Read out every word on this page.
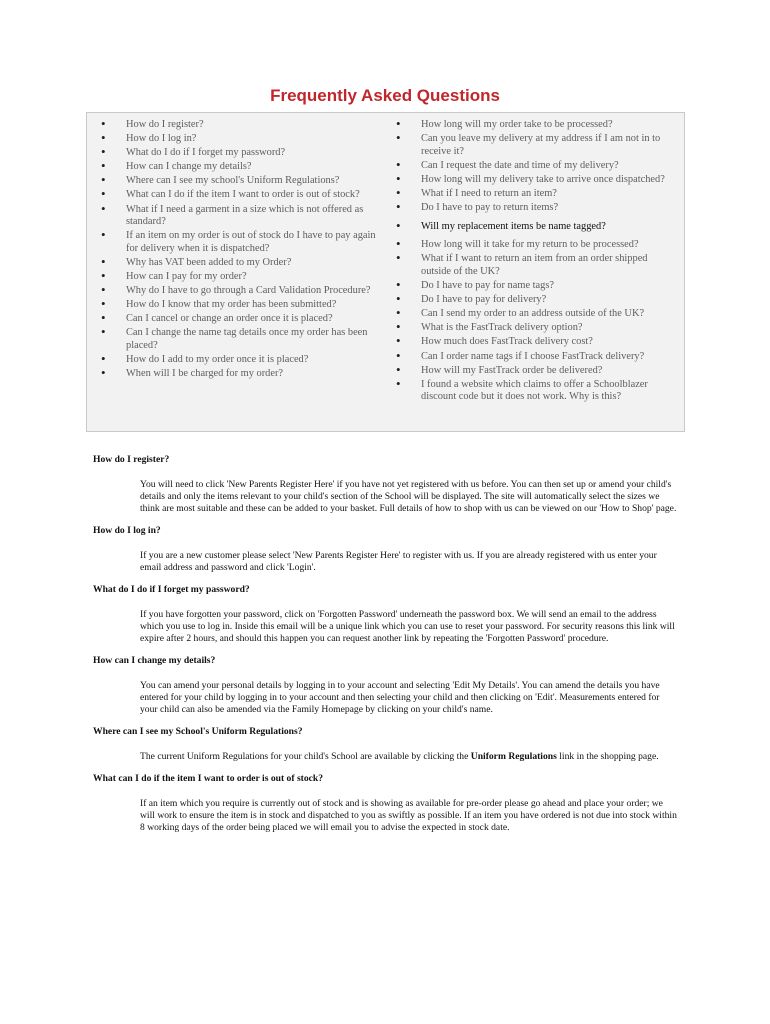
Frequently Asked Questions
• How do I register?
• How do I log in?
• What do I do if I forget my password?
• How can I change my details?
• Where can I see my school's Uniform Regulations?
• What can I do if the item I want to order is out of stock?
• What if I need a garment in a size which is not offered as standard?
• If an item on my order is out of stock do I have to pay again for delivery when it is dispatched?
• Why has VAT been added to my Order?
• How can I pay for my order?
• Why do I have to go through a Card Validation Procedure?
• How do I know that my order has been submitted?
• Can I cancel or change an order once it is placed?
• Can I change the name tag details once my order has been placed?
• How do I add to my order once it is placed?
• When will I be charged for my order?
• How long will my order take to be processed?
• Can you leave my delivery at my address if I am not in to receive it?
• Can I request the date and time of my delivery?
• How long will my delivery take to arrive once dispatched?
• What if I need to return an item?
• Do I have to pay to return items?
• Will my replacement items be name tagged?
• How long will it take for my return to be processed?
• What if I want to return an item from an order shipped outside of the UK?
• Do I have to pay for name tags?
• Do I have to pay for delivery?
• Can I send my order to an address outside of the UK?
• What is the FastTrack delivery option?
• How much does FastTrack delivery cost?
• Can I order name tags if I choose FastTrack delivery?
• How will my FastTrack order be delivered?
• I found a website which claims to offer a Schoolblazer discount code but it does not work. Why is this?

How do I register?

You will need to click 'New Parents Register Here' if you have not yet registered with us before. You can then set up or amend your child's details and only the items relevant to your child's section of the School will be displayed. The site will automatically select the sizes we think are most suitable and these can be added to your basket. Full details of how to shop with us can be viewed on our 'How to Shop' page.

How do I log in?

If you are a new customer please select 'New Parents Register Here' to register with us. If you are already registered with us enter your email address and password and click 'Login'.

What do I do if I forget my password?

If you have forgotten your password, click on 'Forgotten Password' underneath the password box. We will send an email to the address which you use to log in. Inside this email will be a unique link which you can use to reset your password. For security reasons this link will expire after 2 hours, and should this happen you can request another link by repeating the 'Forgotten Password' procedure.

How can I change my details?

You can amend your personal details by logging in to your account and selecting 'Edit My Details'. You can amend the details you have entered for your child by logging in to your account and then selecting your child and then clicking on 'Edit'. Measurements entered for your child can also be amended via the Family Homepage by clicking on your child's name.

Where can I see my School's Uniform Regulations?

The current Uniform Regulations for your child's School are available by clicking the Uniform Regulations link in the shopping page.

What can I do if the item I want to order is out of stock?

If an item which you require is currently out of stock and is showing as available for pre-order please go ahead and place your order; we will work to ensure the item is in stock and dispatched to you as swiftly as possible. If an item you have ordered is not due into stock within 8 working days of the order being placed we will email you to advise the expected in stock date.
